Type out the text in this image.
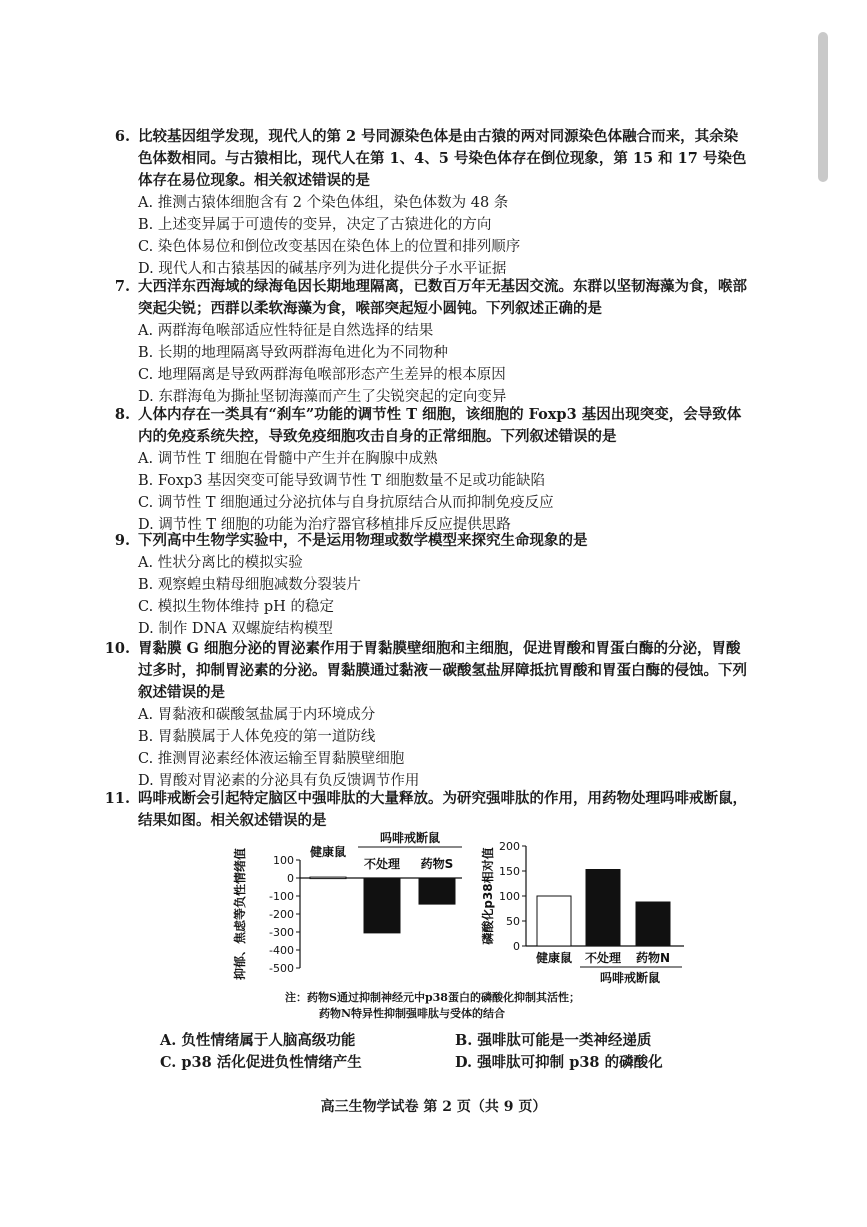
6. 比较基因组学发现，现代人的第 2 号同源染色体是由古猿的两对同源染色体融合而来，其余染色体数相同。与古猿相比，现代人在第 1、4、5 号染色体存在倒位现象，第 15 和 17 号染色体存在易位现象。相关叙述错误的是
A. 推测古猿体细胞含有 2 个染色体组，染色体数为 48 条
B. 上述变异属于可遗传的变异，决定了古猿进化的方向
C. 染色体易位和倒位改变基因在染色体上的位置和排列顺序
D. 现代人和古猿基因的碱基序列为进化提供分子水平证据
7. 大西洋东西海域的绿海龟因长期地理隔离，已数百万年无基因交流。东群以坚韧海藻为食，喉部突起尖锐；西群以柔软海藻为食，喉部突起短小圆钝。下列叙述正确的是
A. 两群海龟喉部适应性特征是自然选择的结果
B. 长期的地理隔离导致两群海龟进化为不同物种
C. 地理隔离是导致两群海龟喉部形态产生差异的根本原因
D. 东群海龟为撕扯坚韧海藻而产生了尖锐突起的定向变异
8. 人体内存在一类具有“刹车”功能的调节性 T 细胞，该细胞的 Foxp3 基因出现突变，会导致体内的免疫系统失控，导致免疫细胞攻击自身的正常细胞。下列叙述错误的是
A. 调节性 T 细胞在骨髓中产生并在胸腺中成熟
B. Foxp3 基因突变可能导致调节性 T 细胞数量不足或功能缺陷
C. 调节性 T 细胞通过分泌抗体与自身抗原结合从而抑制免疫反应
D. 调节性 T 细胞的功能为治疗器官移植排斥反应提供思路
9. 下列高中生物学实验中，不是运用物理或数学模型来探究生命现象的是
A. 性状分离比的模拟实验
B. 观察蝗虫精母细胞减数分裂装片
C. 模拟生物体维持 pH 的稳定
D. 制作 DNA 双螺旋结构模型
10. 胃黏膜 G 细胞分泌的胃泌素作用于胃黏膜壁细胞和主细胞，促进胃酸和胃蛋白酶的分泌，胃酸过多时，抑制胃泌素的分泌。胃黏膜通过黏液－碳酸氢盐屏障抵抗胃酸和胃蛋白酶的侵蚀。下列叙述错误的是
A. 胃黏液和碳酸氢盐属于内环境成分
B. 胃黏膜属于人体免疫的第一道防线
C. 推测胃泌素经体液运输至胃黏膜壁细胞
D. 胃酸对胃泌素的分泌具有负反馈调节作用
11. 吗啡戒断会引起特定脑区中强啡肽的大量释放。为研究强啡肽的作用，用药物处理吗啡戒断鼠，结果如图。相关叙述错误的是
100
0
-100
-200
-300
-400
-500
抑郁、焦虑等负性情绪值	健康鼠
不处理 药物S
吗啡戒断鼠
200
150
100
50
0
磷酸化p38相对值
健康鼠 不处理 药物N
吗啡戒断鼠
注：药物S通过抑制神经元中p38蛋白的磷酸化抑制其活性；
药物N特异性抑制强啡肽与受体的结合
A. 负性情绪属于人脑高级功能	B. 强啡肽可能是一类神经递质
C. p38 活化促进负性情绪产生	D. 强啡肽可抑制 p38 的磷酸化
高三生物学试卷 第 2 页（共 9 页）
